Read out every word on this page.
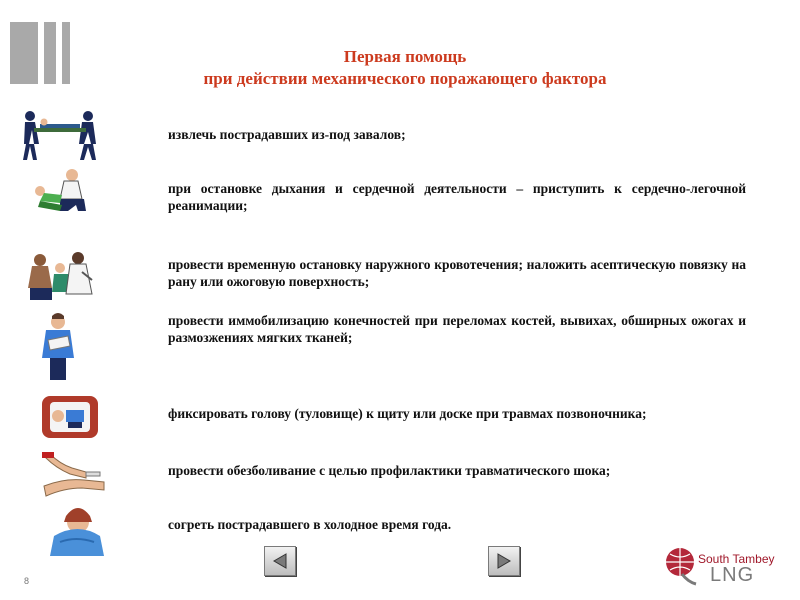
Первая помощь
при действии механического поражающего фактора
извлечь пострадавших из-под завалов;
при остановке дыхания и сердечной деятельности – приступить к сердечно-легочной реанимации;
провести временную остановку наружного кровотечения; наложить асептическую повязку на рану или ожоговую поверхность;
провести иммобилизацию конечностей при переломах костей, вывихах, обширных ожогах и размозжениях мягких тканей;
фиксировать голову (туловище) к щиту или доске при травмах позвоночника;
провести обезболивание с целью профилактики травматического шока;
согреть пострадавшего в холодное время года.
8
South Tambey
LNG
